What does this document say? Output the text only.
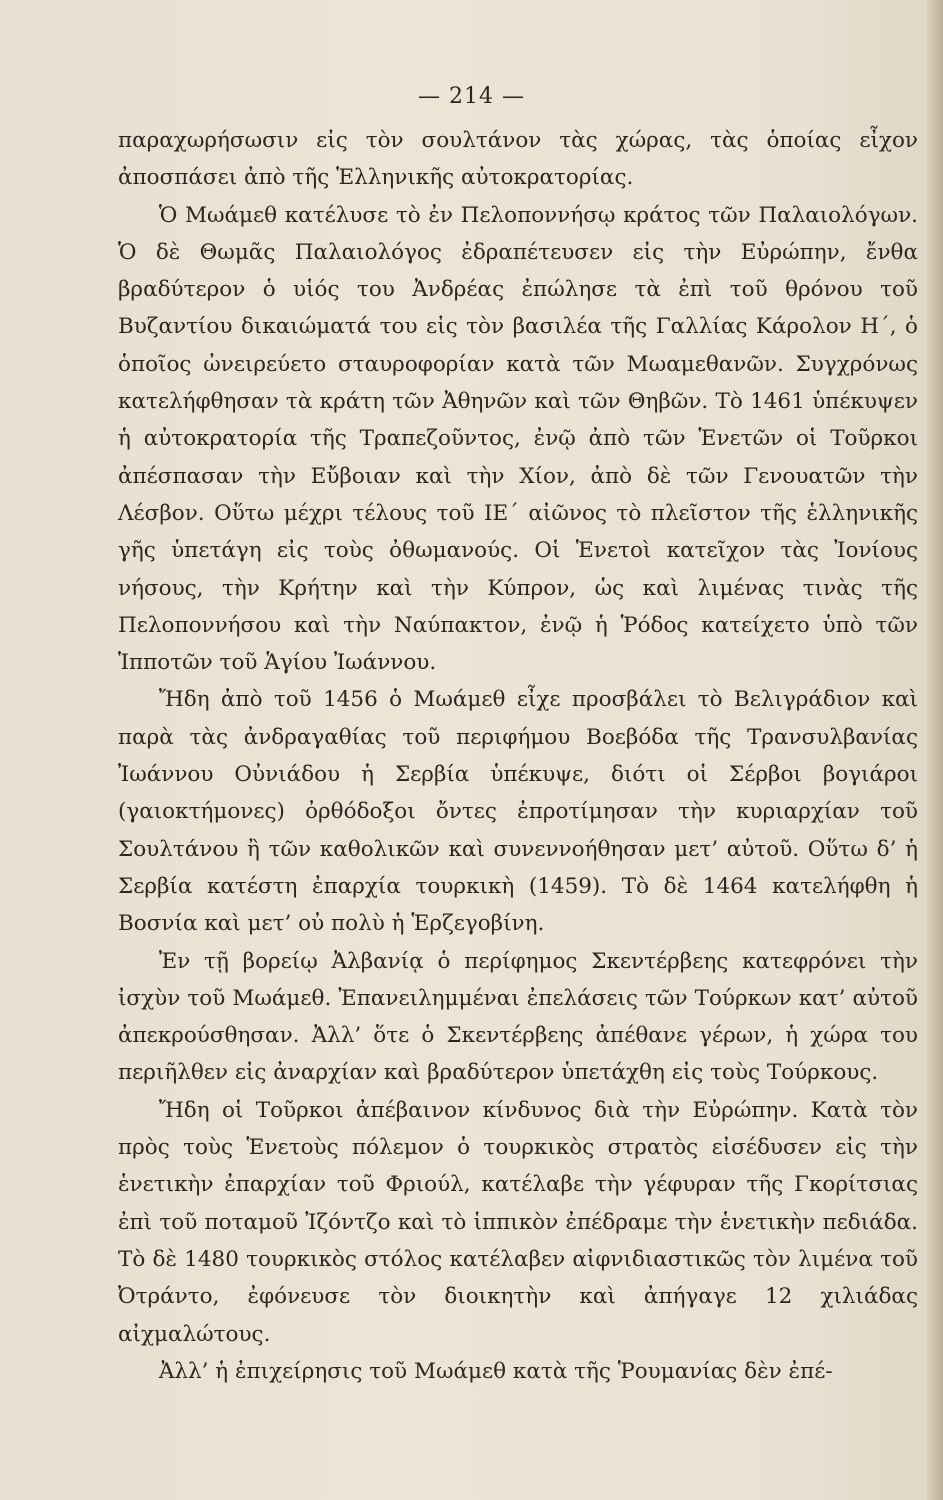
— 214 —

παραχωρήσωσιν εἰς τὸν σουλτάνον τὰς χώρας, τὰς ὁποίας εἶχον ἀποσπάσει ἀπὸ τῆς Ἑλληνικῆς αὐτοκρατορίας.

Ὁ Μωάμεθ κατέλυσε τὸ ἐν Πελοποννήσῳ κράτος τῶν Παλαιολόγων. Ὁ δὲ Θωμᾶς Παλαιολόγος ἐδραπέτευσεν εἰς τὴν Εὐρώπην, ἔνθα βραδύτερον ὁ υἱός του Ἀνδρέας ἐπώλησε τὰ ἐπὶ τοῦ θρόνου τοῦ Βυζαντίου δικαιώματά του εἰς τὸν βασιλέα τῆς Γαλλίας Κάρολον Η΄, ὁ ὁποῖος ὠνειρεύετο σταυροφορίαν κατὰ τῶν Μωαμεθανῶν. Συγχρόνως κατελήφθησαν τὰ κράτη τῶν Ἀθηνῶν καὶ τῶν Θηβῶν. Τὸ 1461 ὑπέκυψεν ἡ αὐτοκρατορία τῆς Τραπεζοῦντος, ἐνῷ ἀπὸ τῶν Ἑνετῶν οἱ Τοῦρκοι ἀπέσπασαν τὴν Εὔβοιαν καὶ τὴν Χίον, ἀπὸ δὲ τῶν Γενουατῶν τὴν Λέσβον. Οὕτω μέχρι τέλους τοῦ ΙΕ΄ αἰῶνος τὸ πλεῖστον τῆς ἑλληνικῆς γῆς ὑπετάγη εἰς τοὺς ὀθωμανούς. Οἱ Ἑνετοὶ κατεῖχον τὰς Ἰονίους νήσους, τὴν Κρήτην καὶ τὴν Κύπρον, ὡς καὶ λιμένας τινὰς τῆς Πελοποννήσου καὶ τὴν Ναύπακτον, ἐνῷ ἡ Ῥόδος κατείχετο ὑπὸ τῶν Ἱπποτῶν τοῦ Ἁγίου Ἰωάννου.

Ἤδη ἀπὸ τοῦ 1456 ὁ Μωάμεθ εἶχε προσβάλει τὸ Βελιγράδιον καὶ παρὰ τὰς ἀνδραγαθίας τοῦ περιφήμου Βοεβόδα τῆς Τρανσυλβανίας Ἰωάννου Οὐνιάδου ἡ Σερβία ὑπέκυψε, διότι οἱ Σέρβοι βογιάροι (γαιοκτήμονες) ὀρθόδοξοι ὄντες ἐπροτίμησαν τὴν κυριαρχίαν τοῦ Σουλτάνου ἢ τῶν καθολικῶν καὶ συνεννοήθησαν μετ’ αὐτοῦ. Οὕτω δ’ ἡ Σερβία κατέστη ἐπαρχία τουρκικὴ (1459). Τὸ δὲ 1464 κατελήφθη ἡ Βοσνία καὶ μετ’ οὐ πολὺ ἡ Ἑρζεγοβίνη.

Ἐν τῇ βορείῳ Ἀλβανίᾳ ὁ περίφημος Σκεντέρβεης κατεφρόνει τὴν ἰσχὺν τοῦ Μωάμεθ. Ἐπανειλημμέναι ἐπελάσεις τῶν Τούρκων κατ’ αὐτοῦ ἀπεκρούσθησαν. Ἀλλ’ ὅτε ὁ Σκεντέρβεης ἀπέθανε γέρων, ἡ χώρα του περιῆλθεν εἰς ἀναρχίαν καὶ βραδύτερον ὑπετάχθη εἰς τοὺς Τούρκους.

Ἤδη οἱ Τοῦρκοι ἀπέβαινον κίνδυνος διὰ τὴν Εὐρώπην. Κατὰ τὸν πρὸς τοὺς Ἑνετοὺς πόλεμον ὁ τουρκικὸς στρατὸς εἰσέδυσεν εἰς τὴν ἑνετικὴν ἐπαρχίαν τοῦ Φριούλ, κατέλαβε τὴν γέφυραν τῆς Γκορίτσιας ἐπὶ τοῦ ποταμοῦ Ἰζόντζο καὶ τὸ ἱππικὸν ἐπέδραμε τὴν ἑνετικὴν πεδιάδα. Τὸ δὲ 1480 τουρκικὸς στόλος κατέλαβεν αἰφνιδιαστικῶς τὸν λιμένα τοῦ Ὀτράντο, ἐφόνευσε τὸν διοικητὴν καὶ ἀπήγαγε 12 χιλιάδας αἰχμαλώτους.

Ἀλλ’ ἡ ἐπιχείρησις τοῦ Μωάμεθ κατὰ τῆς Ῥουμανίας δὲν ἐπέ-
